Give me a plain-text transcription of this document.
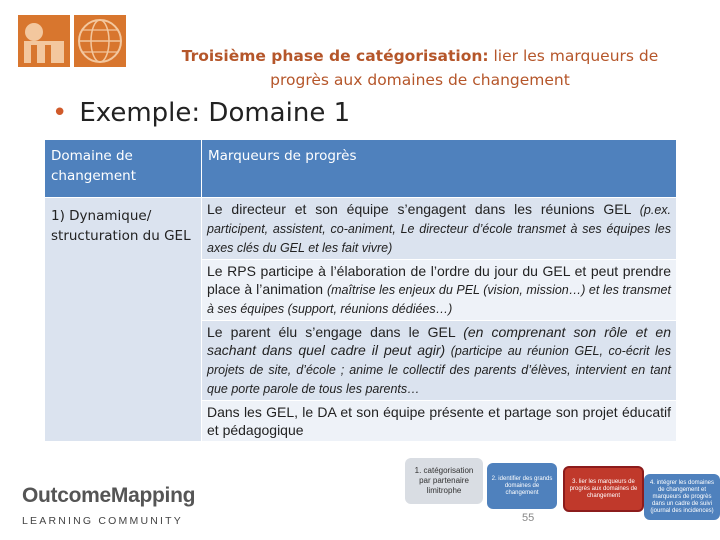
Troisième phase de catégorisation: lier les marqueurs de progrès aux domaines de changement
• Exemple: Domaine 1
Domaine de changement	Marqueurs de progrès
1) Dynamique/ structuration du GEL	Le directeur et son équipe s’engagent dans les réunions GEL (p.ex. participent, assistent, co-animent, Le directeur d’école transmet à ses équipes les axes clés du GEL et les fait vivre)
	Le RPS participe à l’élaboration de l’ordre du jour du GEL et peut prendre place à l’animation (maîtrise les enjeux du PEL (vision, mission…) et les transmet à ses équipes (support, réunions dédiées…)
	Le parent élu s’engage dans le GEL (en comprenant son rôle et en sachant dans quel cadre il peut agir) (participe au réunion GEL, co-écrit les projets de site, d’école ; anime le collectif des parents d’élèves, intervient en tant que porte parole de tous les parents…
	Dans les GEL, le DA et son équipe présente et partage son projet éducatif et pédagogique
OutcomeMapping
LEARNING COMMUNITY
1. catégorisation par partenaire limitrophe
2. identifier des grands domaines de changement
3. lier les marqueurs de progrès aux domaines de changement
4. intégrer les domaines de changement et marqueurs de progrès dans un cadre de suivi (journal des incidences)
55
